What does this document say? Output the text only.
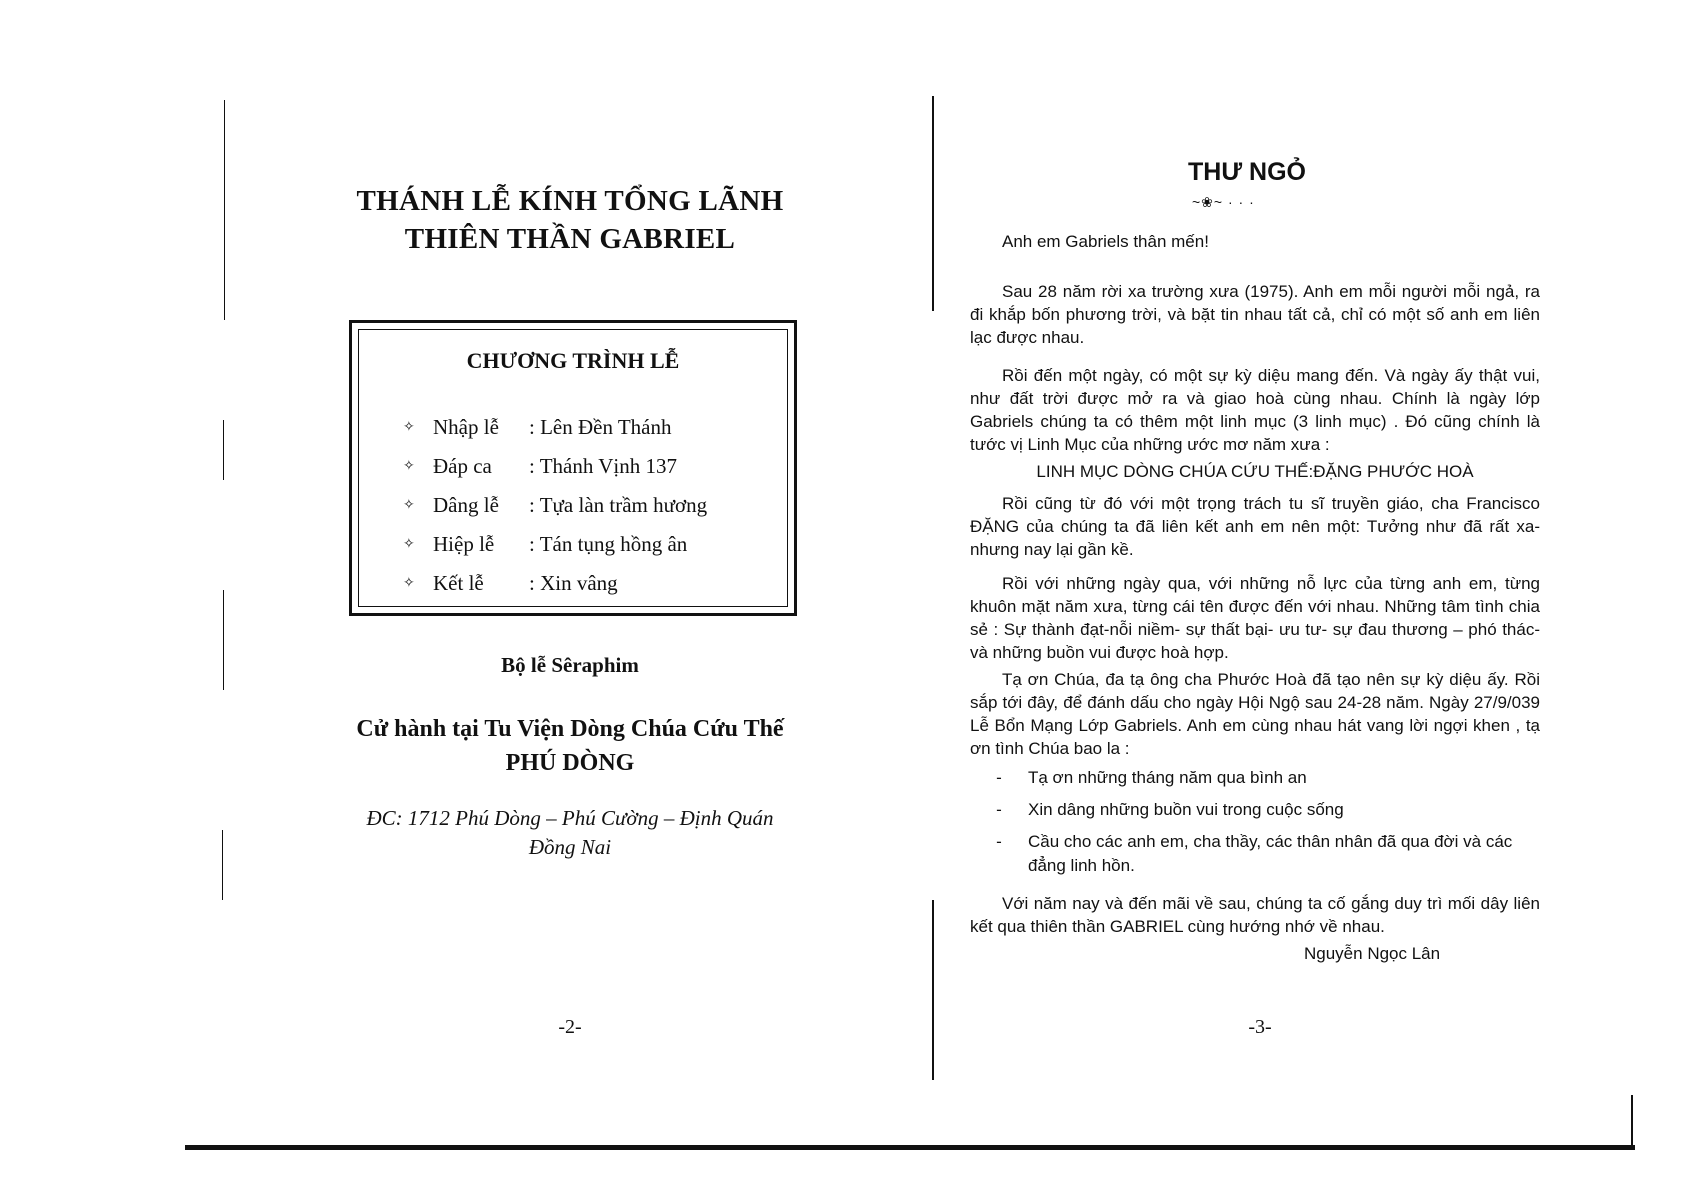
THÁNH LỄ KÍNH TỔNG LÃNH
THIÊN THẦN GABRIEL
CHƯƠNG TRÌNH LỄ
✧ Nhập lễ	: Lên Đền Thánh
✧ Đáp ca	: Thánh Vịnh 137
✧ Dâng lễ	: Tựa làn trầm hương
✧ Hiệp lễ	: Tán tụng hồng ân
✧ Kết lễ	: Xin vâng
Bộ lễ Sêraphim
Cử hành tại Tu Viện Dòng Chúa Cứu Thế
PHÚ DÒNG
ĐC: 1712 Phú Dòng – Phú Cường – Định Quán
Đồng Nai
-2-
THƯ NGỎ
~❀~ · · ·
Anh em Gabriels thân mến!

Sau 28 năm rời xa trường xưa (1975). Anh em mỗi người mỗi ngả, ra đi khắp bốn phương trời, và bặt tin nhau tất cả, chỉ có một số anh em liên lạc được nhau.

Rồi đến một ngày, có một sự kỳ diệu mang đến. Và ngày ấy thật vui, như đất trời được mở ra và giao hoà cùng nhau. Chính là ngày lớp Gabriels chúng ta có thêm một linh mục (3 linh mục) . Đó cũng chính là tước vị Linh Mục của những ước mơ năm xưa :

LINH MỤC DÒNG CHÚA CỨU THẾ:ĐẶNG PHƯỚC HOÀ

Rồi cũng từ đó với một trọng trách tu sĩ truyền giáo, cha Francisco ĐẶNG của chúng ta đã liên kết anh em nên một: Tưởng như đã rất xa- nhưng nay lại gần kề.

Rồi với những ngày qua, với những nỗ lực của từng anh em, từng khuôn mặt năm xưa, từng cái tên được đến với nhau. Những tâm tình chia sẻ : Sự thành đạt-nỗi niềm- sự thất bại- ưu tư- sự đau thương – phó thác- và những buồn vui được hoà hợp.

Tạ ơn Chúa, đa tạ ông cha Phước Hoà đã tạo nên sự kỳ diệu ấy. Rồi sắp tới đây, để đánh dấu cho ngày Hội Ngộ sau 24-28 năm. Ngày 27/9/039 Lễ Bổn Mạng Lớp Gabriels. Anh em cùng nhau hát vang lời ngợi khen , tạ ơn tình Chúa bao la :

-	Tạ ơn những tháng năm qua bình an
-	Xin dâng những buồn vui trong cuộc sống
-	Cầu cho các anh em, cha thầy, các thân nhân đã qua đời và các đẳng linh hồn.

Với năm nay và đến mãi về sau, chúng ta cố gắng duy trì mối dây liên kết qua thiên thần GABRIEL cùng hướng nhớ về nhau.

Nguyễn Ngọc Lân
-3-
